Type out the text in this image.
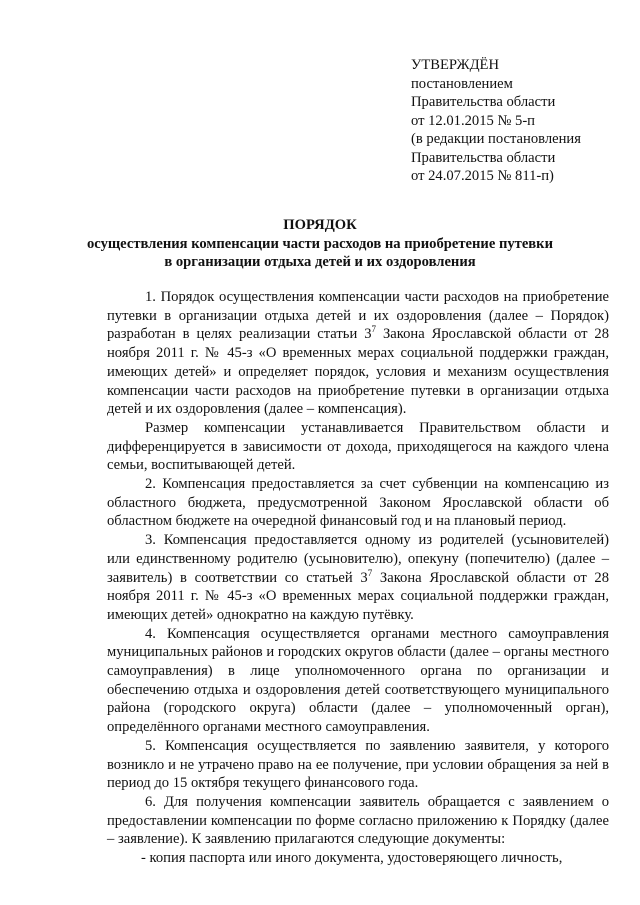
УТВЕРЖДЁН
постановлением
Правительства области
от 12.01.2015 № 5-п
(в редакции постановления
Правительства области
от 24.07.2015 № 811-п)
ПОРЯДОК
осуществления компенсации части расходов на приобретение путевки
в организации отдыха детей и их оздоровления

1. Порядок осуществления компенсации части расходов на приобретение путевки в организации отдыха детей и их оздоровления (далее – Порядок) разработан в целях реализации статьи $3^7$ Закона Ярославской области от 28 ноября 2011 г. № 45-з «О временных мерах социальной поддержки граждан, имеющих детей» и определяет порядок, условия и механизм осуществления компенсации части расходов на приобретение путевки в организации отдыха детей и их оздоровления (далее – компенсация).

Размер компенсации устанавливается Правительством области и дифференцируется в зависимости от дохода, приходящегося на каждого члена семьи, воспитывающей детей.

2. Компенсация предоставляется за счет субвенции на компенсацию из областного бюджета, предусмотренной Законом Ярославской области об областном бюджете на очередной финансовый год и на плановый период.

3. Компенсация предоставляется одному из родителей (усыновителей) или единственному родителю (усыновителю), опекуну (попечителю) (далее – заявитель) в соответствии со статьей $3^7$ Закона Ярославской области от 28 ноября 2011 г. № 45-з «О временных мерах социальной поддержки граждан, имеющих детей» однократно на каждую путёвку.

4. Компенсация осуществляется органами местного самоуправления муниципальных районов и городских округов области (далее – органы местного самоуправления) в лице уполномоченного органа по организации и обеспечению отдыха и оздоровления детей соответствующего муниципального района (городского округа) области (далее – уполномоченный орган), определённого органами местного самоуправления.

5. Компенсация осуществляется по заявлению заявителя, у которого возникло и не утрачено право на ее получение, при условии обращения за ней в период до 15 октября текущего финансового года.

6. Для получения компенсации заявитель обращается с заявлением о предоставлении компенсации по форме согласно приложению к Порядку (далее – заявление). К заявлению прилагаются следующие документы:

- копия паспорта или иного документа, удостоверяющего личность,
